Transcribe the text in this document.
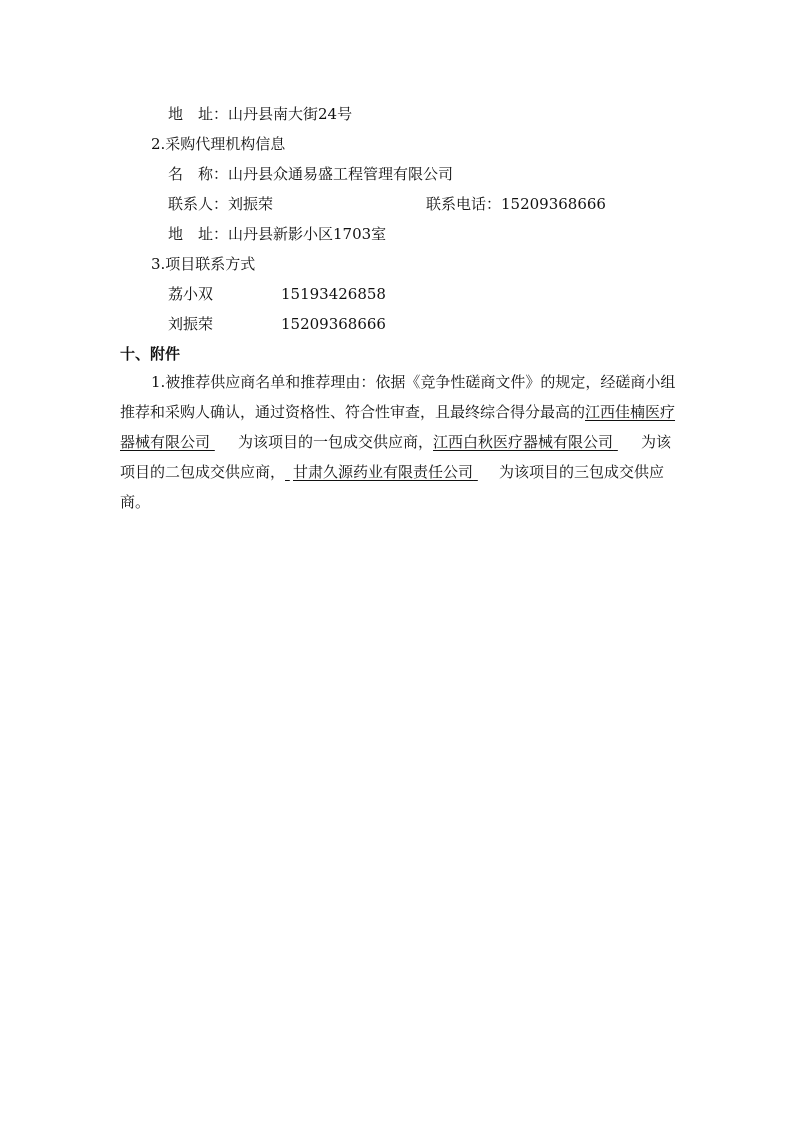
地　址：山丹县南大街24号
2.采购代理机构信息
名　称：山丹县众通易盛工程管理有限公司
联系人：刘振荣	联系电话：15209368666
地　址：山丹县新影小区1703室
3.项目联系方式
荔小双	15193426858
刘振荣	15209368666
十、附件
1.被推荐供应商名单和推荐理由：依据《竞争性磋商文件》的规定，经磋商小组推荐和采购人确认，通过资格性、符合性审查，且最终综合得分最高的江西佳楠医疗器械有限公司 为该项目的一包成交供应商，江西白秋医疗器械有限公司 为该项目的二包成交供应商， 甘肃久源药业有限责任公司 为该项目的三包成交供应商。
